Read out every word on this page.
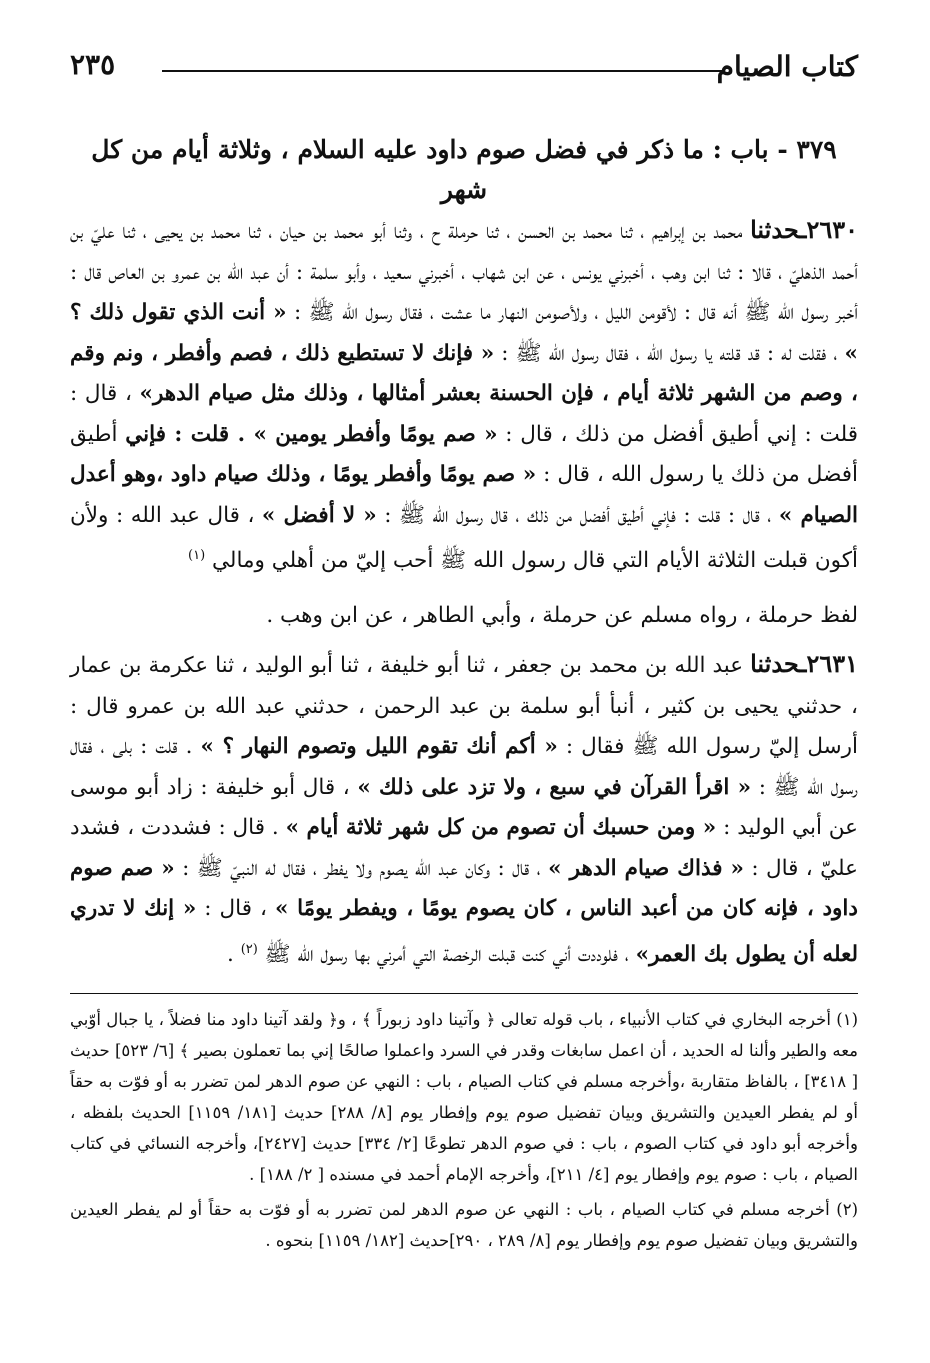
كتاب الصيام
٢٣٥
٣٧٩ - باب : ما ذكر في فضل صوم داود عليه السلام ، وثلاثة أيام من كل شهر

٢٦٣٠ـحدثنا محمد بن إبراهيم ، ثنا محمد بن الحسن ، ثنا حرملة ح ، وثنا أبو محمد بن حيان ، ثنا محمد بن يحيى ، ثنا عليّ بن أحمد الذهليّ ، قالا : ثنا ابن وهب ، أخبرني يونس ، عن ابن شهاب ، أخبرني سعيد ، وأبو سلمة : أن عبد الله بن عمرو بن العاص قال : أخبر رسول الله ﷺ أنه قال : لأقومن الليل ، ولأصومن النهار ما عشت ، فقال رسول الله ﷺ : « أنت الذي تقول ذلك ؟ » ، فقلت له : قد قلته يا رسول الله ، فقال رسول الله ﷺ : « فإنك لا تستطيع ذلك ، فصم وأفطر ، ونم وقم ، وصم من الشهر ثلاثة أيام ، فإن الحسنة بعشر أمثالها ، وذلك مثل صيام الدهر» ، قال : قلت : إني أطيق أفضل من ذلك ، قال : « صم يومًا وأفطر يومين » . قلت : فإني أطيق أفضل من ذلك يا رسول الله ، قال : « صم يومًا وأفطر يومًا ، وذلك صيام داود ،وهو أعدل الصيام » ، قال : قلت : فإني أطيق أفضل من ذلك ، قال رسول الله ﷺ : « لا أفضل » ، قال عبد الله : ولأن أكون قبلت الثلاثة الأيام التي قال رسول الله ﷺ أحب إليّ من أهلي ومالي $^{(١)}$

لفظ حرملة ، رواه مسلم عن حرملة ، وأبي الطاهر ، عن ابن وهب .

٢٦٣١ـحدثنا عبد الله بن محمد بن جعفر ، ثنا أبو خليفة ، ثنا أبو الوليد ، ثنا عكرمة بن عمار ، حدثني يحيى بن كثير ، أنبأ أبو سلمة بن عبد الرحمن ، حدثني عبد الله بن عمرو قال : أرسل إليّ رسول الله ﷺ فقال : « أكم أنك تقوم الليل وتصوم النهار ؟ » . قلت : بلى ، فقال رسول الله ﷺ : « اقرأ القرآن في سبع ، ولا تزد على ذلك » ، قال أبو خليفة : زاد أبو موسى عن أبي الوليد : « ومن حسبك أن تصوم من كل شهر ثلاثة أيام » . قال : فشددت ، فشدد عليّ ، قال : « فذاك صيام الدهر » ، قال : وكان عبد الله يصوم ولا يفطر ، فقال له النبيّ ﷺ : « صم صوم داود ، فإنه كان من أعبد الناس ، كان يصوم يومًا ، ويفطر يومًا » ، قال : « إنك لا تدري لعله أن يطول بك العمر» ، فلوددت أني كنت قبلت الرخصة التي أمرني بها رسول الله ﷺ $^{(٢)}$ .

(١) أخرجه البخاري في كتاب الأنبياء ، باب قوله تعالى ﴿ وآتينا داود زبوراً ﴾ ، و﴿ ولقد آتينا داود منا فضلاً ، يا جبال أوّبي معه والطير وألنا له الحديد ، أن اعمل سابغات وقدر في السرد واعملوا صالحًا إني بما تعملون بصير ﴾ [٦/ ٥٢٣] حديث [ ٣٤١٨] ، بالفاظ متقاربة ،وأخرجه مسلم في كتاب الصيام ، باب : النهي عن صوم الدهر لمن تضرر به أو فوّت به حقاً أو لم يفطر العيدين والتشريق وبيان تفضيل صوم يوم وإفطار يوم [٨/ ٢٨٨] حديث [١٨١/ ١١٥٩] الحديث بلفظه ، وأخرجه أبو داود في كتاب الصوم ، باب : في صوم الدهر تطوعًا [٢/ ٣٣٤] حديث [٢٤٢٧]، وأخرجه النسائي في كتاب الصيام ، باب : صوم يوم وإفطار يوم [٤/ ٢١١]، وأخرجه الإمام أحمد في مسنده [ ٢/ ١٨٨] .

(٢) أخرجه مسلم في كتاب الصيام ، باب : النهي عن صوم الدهر لمن تضرر به أو فوّت به حقاً أو لم يفطر العيدين والتشريق وبيان تفضيل صوم يوم وإفطار يوم [٨/ ٢٨٩ ، ٢٩٠]حديث [١٨٢/ ١١٥٩] بنحوه .
